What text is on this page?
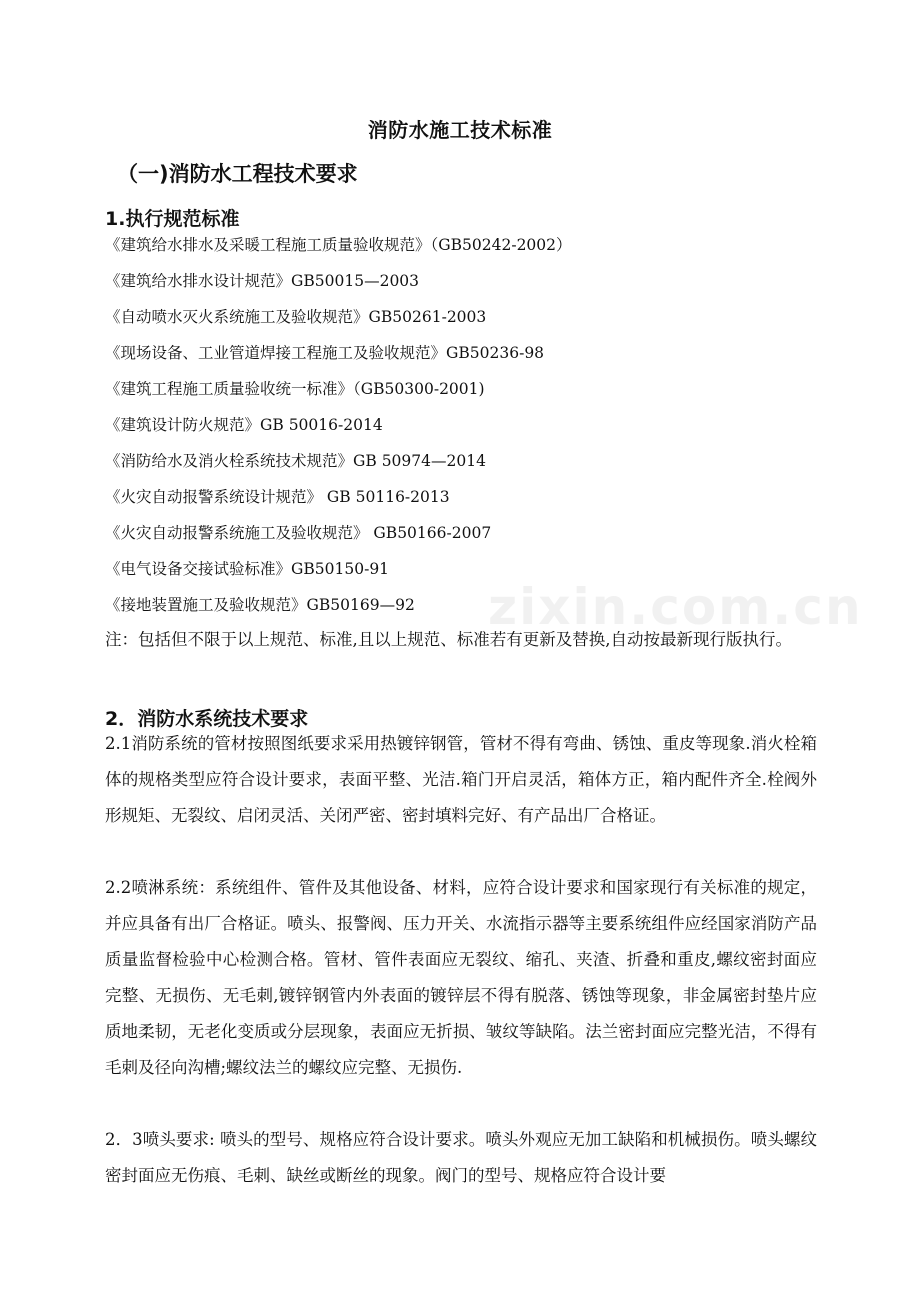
消防水施工技术标准
（一)消防水工程技术要求
1.执行规范标准
《建筑给水排水及采暖工程施工质量验收规范》（GB50242-2002）
《建筑给水排水设计规范》GB50015—2003
《自动喷水灭火系统施工及验收规范》GB50261-2003
《现场设备、工业管道焊接工程施工及验收规范》GB50236-98
《建筑工程施工质量验收统一标准》（GB50300-2001)
《建筑设计防火规范》GB 50016-2014
《消防给水及消火栓系统技术规范》GB 50974—2014
《火灾自动报警系统设计规范》 GB 50116-2013
《火灾自动报警系统施工及验收规范》 GB50166-2007
《电气设备交接试验标准》GB50150-91
《接地装置施工及验收规范》GB50169—92
注：包括但不限于以上规范、标准,且以上规范、标准若有更新及替换,自动按最新现行版执行。
2．消防水系统技术要求
2.1消防系统的管材按照图纸要求采用热镀锌钢管，管材不得有弯曲、锈蚀、重皮等现象.消火栓箱体的规格类型应符合设计要求，表面平整、光洁.箱门开启灵活，箱体方正，箱内配件齐全.栓阀外形规矩、无裂纹、启闭灵活、关闭严密、密封填料完好、有产品出厂合格证。
2.2喷淋系统：系统组件、管件及其他设备、材料，应符合设计要求和国家现行有关标准的规定，并应具备有出厂合格证。喷头、报警阀、压力开关、水流指示器等主要系统组件应经国家消防产品质量监督检验中心检测合格。管材、管件表面应无裂纹、缩孔、夹渣、折叠和重皮,螺纹密封面应完整、无损伤、无毛刺,镀锌钢管内外表面的镀锌层不得有脱落、锈蚀等现象，非金属密封垫片应质地柔韧，无老化变质或分层现象，表面应无折损、皱纹等缺陷。法兰密封面应完整光洁，不得有毛刺及径向沟槽;螺纹法兰的螺纹应完整、无损伤.
2．3喷头要求: 喷头的型号、规格应符合设计要求。喷头外观应无加工缺陷和机械损伤。喷头螺纹密封面应无伤痕、毛刺、缺丝或断丝的现象。阀门的型号、规格应符合设计要
zixin.com.cn
